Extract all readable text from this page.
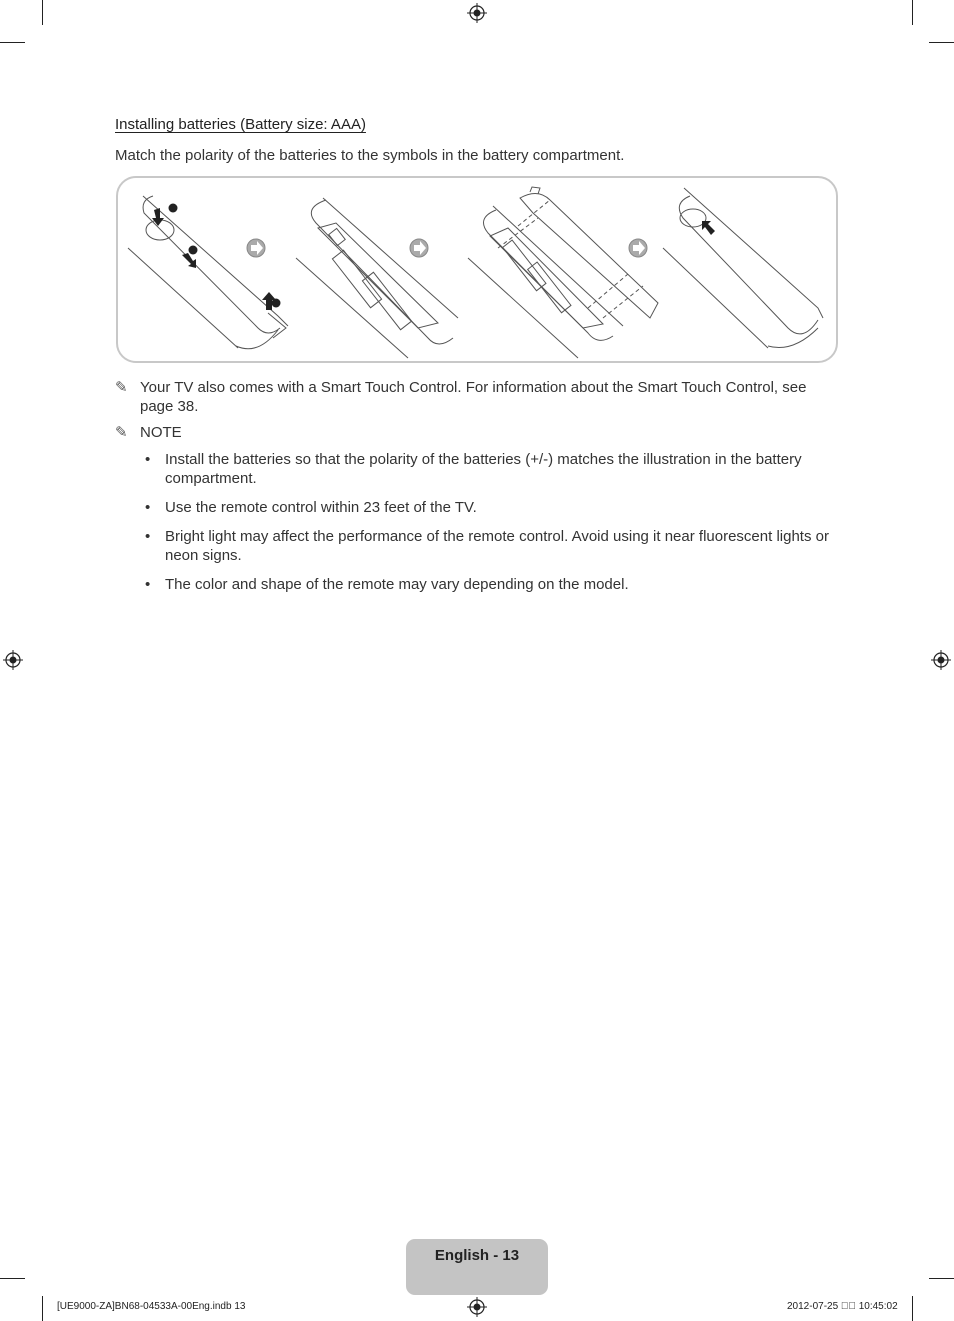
Installing batteries (Battery size: AAA)

Match the polarity of the batteries to the symbols in the battery compartment.

✎ Your TV also comes with a Smart Touch Control. For information about the Smart Touch Control, see page 38.
✎ NOTE
• Install the batteries so that the polarity of the batteries (+/-) matches the illustration in the battery compartment.
• Use the remote control within 23 feet of the TV.
• Bright light may affect the performance of the remote control. Avoid using it near fluorescent lights or neon signs.
• The color and shape of the remote may vary depending on the model.
English - 13
[UE9000-ZA]BN68-04533A-00Eng.indb 13	2012-07-25 ￿￿ 10:45:02
